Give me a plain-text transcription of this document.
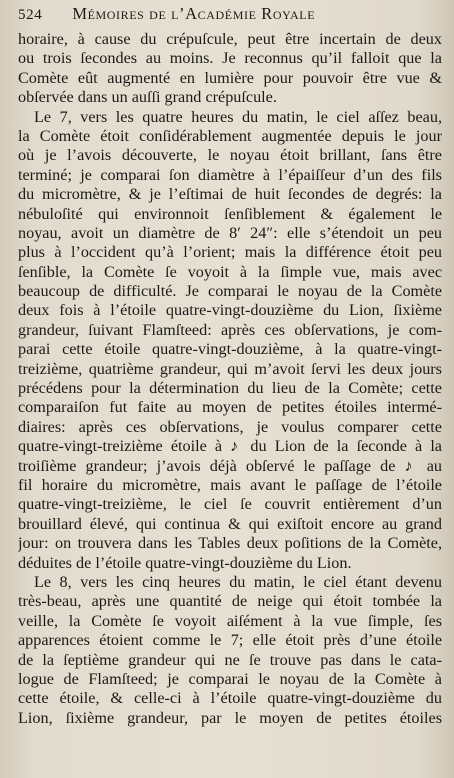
524 Mémoires de l’Académie Royale
horaire, à cause du crépuſcule, peut être incertain de deux
ou trois ſecondes au moins. Je reconnus qu’il falloit que la
Comète eût augmenté en lumière pour pouvoir être vue &
obſervée dans un auſſi grand crépuſcule.
Le 7, vers les quatre heures du matin, le ciel aſſez beau,
la Comète étoit conſidérablement augmentée depuis le jour
où je l’avois découverte, le noyau étoit brillant, ſans être
terminé; je comparai ſon diamètre à l’épaiſſeur d’un des fils
du micromètre, & je l’eſtimai de huit ſecondes de degrés: la
nébuloſité qui environnoit ſenſiblement & également le
noyau, avoit un diamètre de 8′ 24″: elle s’étendoit un peu
plus à l’occident qu’à l’orient; mais la différence étoit peu
ſenſible, la Comète ſe voyoit à la ſimple vue, mais avec
beaucoup de difficulté. Je comparai le noyau de la Comète
deux fois à l’étoile quatre-vingt-douzième du Lion, ſixième
grandeur, ſuivant Flamſteed: après ces obſervations, je com-
parai cette étoile quatre-vingt-douzième, à la quatre-vingt-
treizième, quatrième grandeur, qui m’avoit ſervi les deux jours
précédens pour la détermination du lieu de la Comète; cette
comparaiſon fut faite au moyen de petites étoiles intermé-
diaires: après ces obſervations, je voulus comparer cette
quatre-vingt-treizième étoile à ♪ du Lion de la ſeconde à la
troiſième grandeur; j’avois déjà obſervé le paſſage de ♪ au
fil horaire du micromètre, mais avant le paſſage de l’étoile
quatre-vingt-treizième, le ciel ſe couvrit entièrement d’un
brouillard élevé, qui continua & qui exiſtoit encore au grand
jour: on trouvera dans les Tables deux poſitions de la Comète,
déduites de l’étoile quatre-vingt-douzième du Lion.
Le 8, vers les cinq heures du matin, le ciel étant devenu
très-beau, après une quantité de neige qui étoit tombée la
veille, la Comète ſe voyoit aiſément à la vue ſimple, ſes
apparences étoient comme le 7; elle étoit près d’une étoile
de la ſeptième grandeur qui ne ſe trouve pas dans le cata-
logue de Flamſteed; je comparai le noyau de la Comète à
cette étoile, & celle-ci à l’étoile quatre-vingt-douzième du
Lion, ſixième grandeur, par le moyen de petites étoiles
